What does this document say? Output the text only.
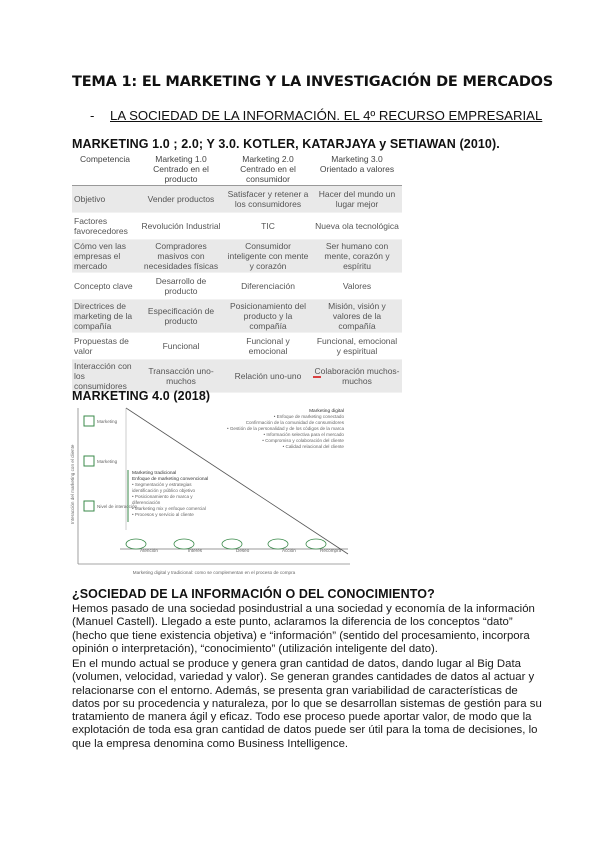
TEMA 1: EL MARKETING Y LA INVESTIGACIÓN DE MERCADOS
- LA SOCIEDAD DE LA INFORMACIÓN. EL 4º RECURSO EMPRESARIAL
MARKETING 1.0 ; 2.0; Y 3.0. KOTLER, KATARJAYA y SETIAWAN (2010).
Competencia	Marketing 1.0 Centrado en el producto	Marketing 2.0 Centrado en el consumidor	Marketing 3.0 Orientado a valores
Objetivo	Vender productos	Satisfacer y retener a los consumidores	Hacer del mundo un lugar mejor
Factores favorecedores	Revolución Industrial	TIC	Nueva ola tecnológica
Cómo ven las empresas el mercado	Compradores masivos con necesidades físicas	Consumidor inteligente con mente y corazón	Ser humano con mente, corazón y espíritu
Concepto clave	Desarrollo de producto	Diferenciación	Valores
Directrices de marketing de la compañía	Especificación de producto	Posicionamiento del producto y la compañía	Misión, visión y valores de la compañía
Propuestas de valor	Funcional	Funcional y emocional	Funcional, emocional y espiritual
Interacción con los consumidores	Transacción uno-muchos	Relación uno-uno	Colaboración muchos-muchos
MARKETING 4.0 (2018)
Interacción del marketing con el cliente
Marketing
Marketing
Nivel de interacción
Marketing digital
• Enfoque de marketing conectado
Confirmación de la comunidad de consumidores
• Gestión de la personalidad y de los códigos de la marca
• Información selectiva para el mercado
• Compromiso y colaboración del cliente
• Calidad relacional del cliente
Marketing tradicional
Enfoque de marketing convencional
• Segmentación y estrategias
identificación y público objetivo
• Posicionamiento de marca y
diferenciación
• Marketing mix y enfoque comercial
• Procesos y servicio al cliente
Atención	Interés	Deseo	Acción	Recompra
Marketing digital y tradicional: como se complementan en el proceso de compra
¿SOCIEDAD DE LA INFORMACIÓN O DEL CONOCIMIENTO?

Hemos pasado de una sociedad posindustrial a una sociedad y economía de la información (Manuel Castell). Llegado a este punto, aclaramos la diferencia de los conceptos “dato” (hecho que tiene existencia objetiva) e “información” (sentido del procesamiento, incorpora opinión o interpretación), “conocimiento” (utilización inteligente del dato).

En el mundo actual se produce y genera gran cantidad de datos, dando lugar al Big Data (volumen, velocidad, variedad y valor). Se generan grandes cantidades de datos al actuar y relacionarse con el entorno. Además, se presenta gran variabilidad de características de datos por su procedencia y naturaleza, por lo que se desarrollan sistemas de gestión para su tratamiento de manera ágil y eficaz. Todo ese proceso puede aportar valor, de modo que la explotación de toda esa gran cantidad de datos puede ser útil para la toma de decisiones, lo que la empresa denomina como Business Intelligence.
